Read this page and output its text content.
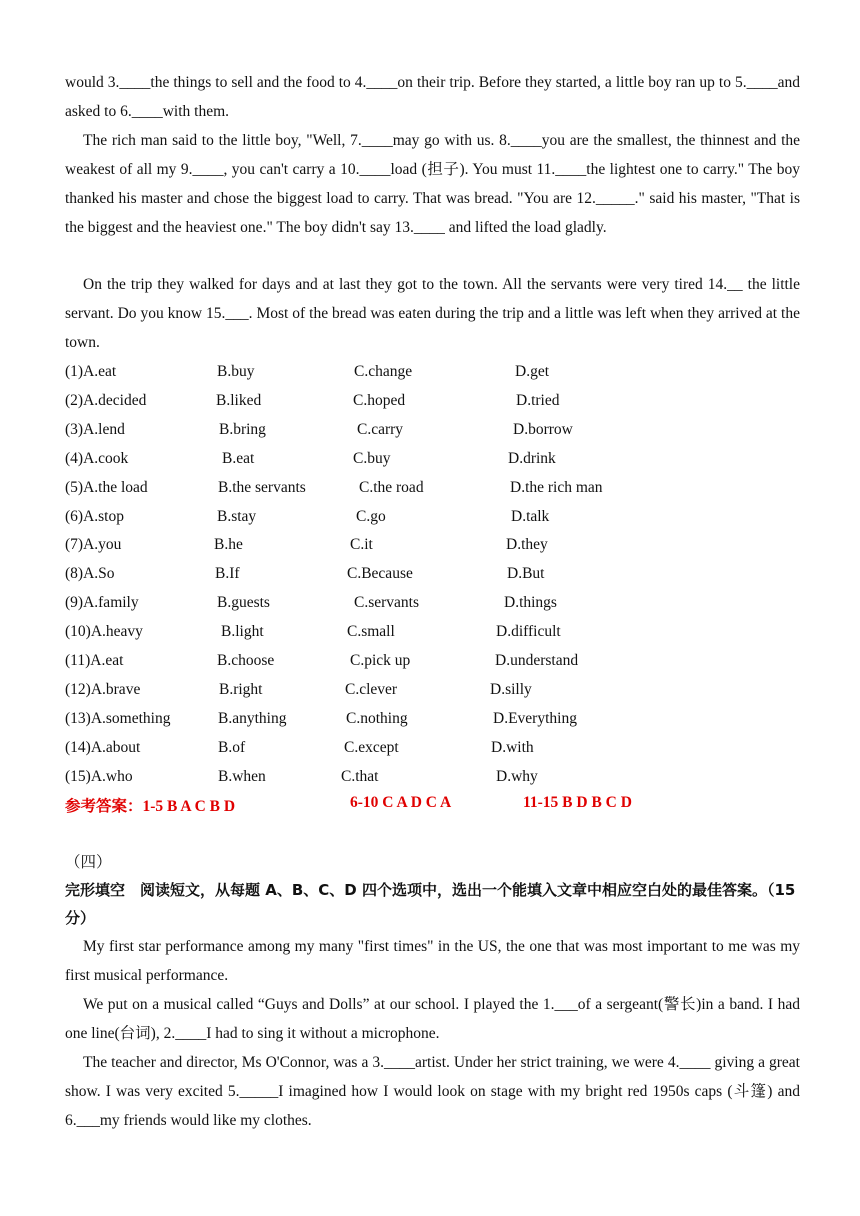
would 3.____the things to sell and the food to 4.____on their trip. Before they started, a little boy ran up to 5.____and asked to 6.____with them.

The rich man said to the little boy, "Well, 7.____may go with us. 8.____you are the smallest, the thinnest and the weakest of all my 9.____, you can't carry a 10.____load (担子). You must 11.____the lightest one to carry." The boy thanked his master and chose the biggest load to carry. That was bread. "You are 12._____." said his master, "That is the biggest and the heaviest one." The boy didn't say 13.____ and lifted the load gladly.

On the trip they walked for days and at last they got to the town. All the servants were very tired 14.__ the little servant. Do you know 15.___. Most of the bread was eaten during the trip and a little was left when they arrived at the town.

(1)A.eat	B.buy	C.change	D.get
(2)A.decided	B.liked	C.hoped	D.tried
(3)A.lend	B.bring	C.carry	D.borrow
(4)A.cook	B.eat	C.buy	D.drink
(5)A.the load	B.the servants	C.the road	D.the rich man
(6)A.stop	B.stay	C.go	D.talk
(7)A.you	B.he	C.it	D.they
(8)A.So	B.If	C.Because	D.But
(9)A.family	B.guests	C.servants	D.things
(10)A.heavy	B.light	C.small	D.difficult
(11)A.eat	B.choose	C.pick up	D.understand
(12)A.brave	B.right	C.clever	D.silly
(13)A.something	B.anything	C.nothing	D.Everything
(14)A.about	B.of	C.except	D.with
(15)A.who	B.when	C.that	D.why
参考答案：1-5 B A C B D	6-10 C A D C A	11-15 B D B C D
（四）
完形填空　阅读短文，从每题 A、B、C、D 四个选项中，选出一个能填入文章中相应空白处的最佳答案。（15 分）

My first star performance among my many "first times" in the US, the one that was most important to me was my first musical performance.

We put on a musical called “Guys and Dolls” at our school. I played the 1.___of a sergeant(警长)in a band. I had one line(台词), 2.____I had to sing it without a microphone.

The teacher and director, Ms O'Connor, was a 3.____artist. Under her strict training, we were 4.____ giving a great show. I was very excited 5._____I imagined how I would look on stage with my bright red 1950s caps (斗篷) and 6.___my friends would like my clothes.
